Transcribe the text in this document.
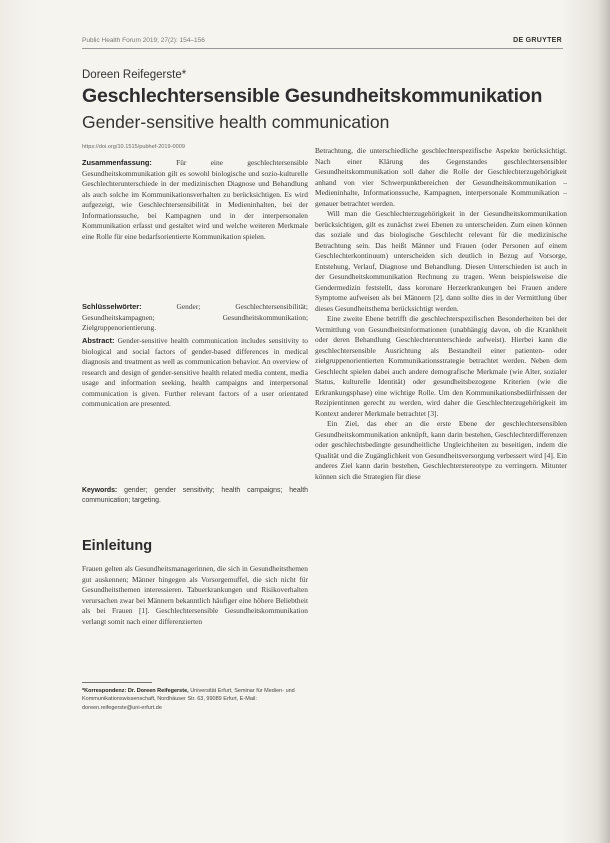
Public Health Forum 2019; 27(2): 154–156	DE GRUYTER
Doreen Reifegerste*
Geschlechtersensible Gesundheitskommunikation
Gender-sensitive health communication
https://doi.org/10.1515/pubhef-2019-0009

Zusammenfassung:	Für eine geschlechtersensible Gesundheitskommunikation gilt es sowohl biologische und sozio-kulturelle Geschlechterunterschiede in der medizinischen Diagnose und Behandlung als auch solche im Kommunikationsverhalten zu berücksichtigen. Es wird aufgezeigt, wie Geschlechtersensibilität in Medieninhalten, bei der Informationssuche, bei Kampagnen und in der interpersonalen Kommunikation erfasst und gestaltet wird und welche weiteren Merkmale eine Rolle für eine bedarfsorientierte Kommunikation spielen.

Schlüsselwörter:	Gender; Geschlechtersensibilität; Gesundheitskampagnen; Gesundheitskommunikation; Zielgruppenorientierung.

Abstract: Gender-sensitive health communication includes sensitivity to biological and social factors of gender-based differences in medical diagnosis and treatment as well as communication behavior. An overview of research and design of gender-sensitive health related media content, media usage and information seeking, health campaigns and interpersonal communication is given. Further relevant factors of a user orientated communication are presented.

Keywords: gender; gender sensitivity; health campaigns; health communication; targeting.

Einleitung

Frauen gelten als Gesundheitsmanagerinnen, die sich in Gesundheitsthemen gut auskennen; Männer hingegen als Vorsorgemuffel, die sich nicht für Gesundheitsthemen interessieren. Tabuerkrankungen und Risikoverhalten verursachen zwar bei Männern bekanntlich häufiger eine höhere Beliebtheit als bei Frauen [1]. Geschlechtersensible Gesundheitskommunikation verlangt somit nach einer differenzierten

*Korrespondenz: Dr. Doreen Reifegerste, Universität Erfurt, Seminar für Medien- und Kommunikationswissenschaft, Nordhäuser Str. 63, 99089 Erfurt, E-Mail: doreen.reifegerste@uni-erfurt.de

Betrachtung, die unterschiedliche geschlechterspezifische Aspekte berücksichtigt. Nach einer Klärung des Gegenstandes geschlechtersensibler Gesundheitskommunikation soll daher die Rolle der Geschlechterzugehörigkeit anhand von vier Schwerpunktbereichen der Gesundheitskommunikation – Medieninhalte, Informationssuche, Kampagnen, interpersonale Kommunikation – genauer betrachtet werden.

Will man die Geschlechterzugehörigkeit in der Gesundheitskommunikation berücksichtigen, gilt es zunächst zwei Ebenen zu unterscheiden. Zum einen können das soziale und das biologische Geschlecht relevant für die medizinische Betrachtung sein. Das heißt Männer und Frauen (oder Personen auf einem Geschlechterkontinuum) unterscheiden sich deutlich in Bezug auf Vorsorge, Entstehung, Verlauf, Diagnose und Behandlung. Diesen Unterschieden ist auch in der Gesundheitskommunikation Rechnung zu tragen. Wenn beispielsweise die Gendermedizin feststellt, dass koronare Herzerkrankungen bei Frauen andere Symptome aufweisen als bei Männern [2], dann sollte dies in der Vermittlung über dieses Gesundheitsthema berücksichtigt werden.

Eine zweite Ebene betrifft die geschlechterspezifischen Besonderheiten bei der Vermittlung von Gesundheitsinformationen (unabhängig davon, ob die Krankheit oder deren Behandlung Geschlechterunterschiede aufweist). Hierbei kann die geschlechtersensible Ausrichtung als Bestandteil einer patienten- oder zielgruppenorientierten Kommunikationsstrategie betrachtet werden. Neben dem Geschlecht spielen dabei auch andere demografische Merkmale (wie Alter, sozialer Status, kulturelle Identität) oder gesundheitsbezogene Kriterien (wie die Erkrankungsphase) eine wichtige Rolle. Um den Kommunikationsbedürfnissen der Rezipientinnen gerecht zu werden, wird daher die Geschlechterzugehörigkeit im Kontext anderer Merkmale betrachtet [3].

Ein Ziel, das eher an die erste Ebene der geschlechtersensiblen Gesundheitskommunikation anknüpft, kann darin bestehen, Geschlechterdifferenzen oder geschlechtsbedingte gesundheitliche Ungleichheiten zu beseitigen, indem die Qualität und die Zugänglichkeit von Gesundheitsversorgung verbessert wird [4]. Ein anderes Ziel kann darin bestehen, Geschlechterstereotype zu verringern. Mitunter können sich die Strategien für diese
